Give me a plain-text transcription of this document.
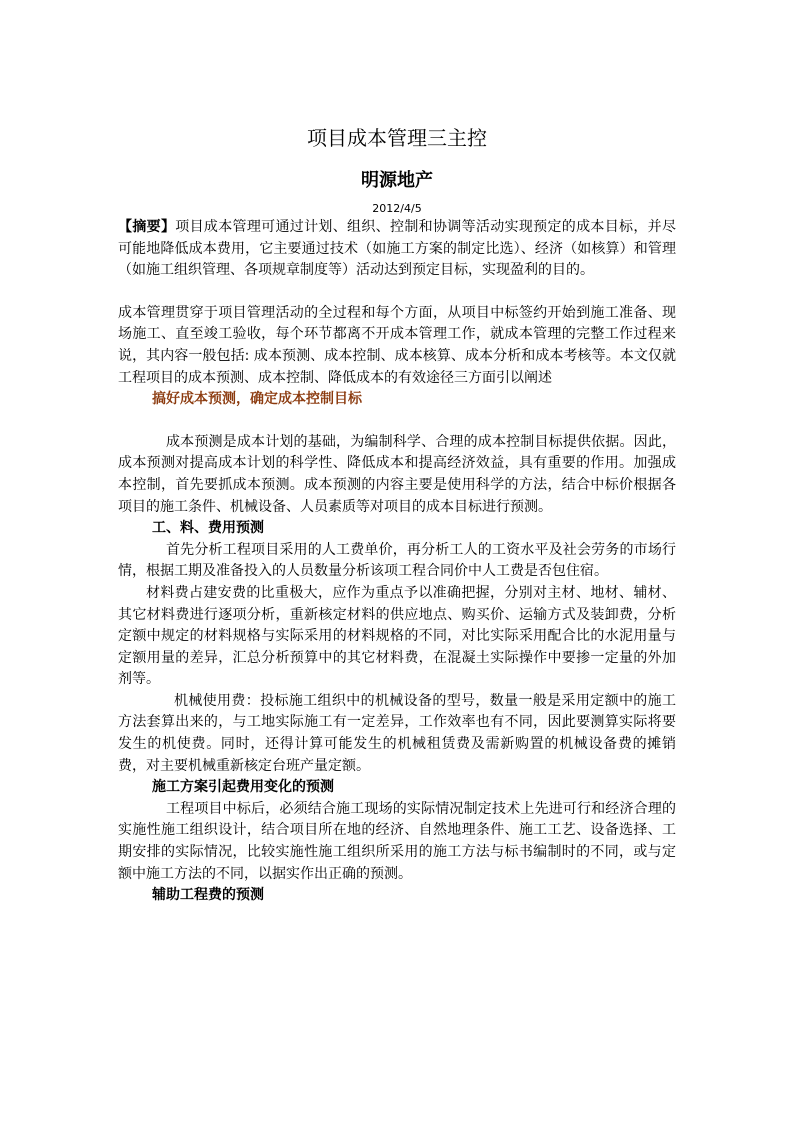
项目成本管理三主控
明源地产
2012/4/5

【摘要】项目成本管理可通过计划、组织、控制和协调等活动实现预定的成本目标，并尽可能地降低成本费用，它主要通过技术（如施工方案的制定比选）、经济（如核算）和管理（如施工组织管理、各项规章制度等）活动达到预定目标，实现盈利的目的。

成本管理贯穿于项目管理活动的全过程和每个方面，从项目中标签约开始到施工准备、现场施工、直至竣工验收，每个环节都离不开成本管理工作，就成本管理的完整工作过程来说，其内容一般包括: 成本预测、成本控制、成本核算、成本分析和成本考核等。本文仅就工程项目的成本预测、成本控制、降低成本的有效途径三方面引以阐述

搞好成本预测，确定成本控制目标

成本预测是成本计划的基础，为编制科学、合理的成本控制目标提供依据。因此，成本预测对提高成本计划的科学性、降低成本和提高经济效益，具有重要的作用。加强成本控制，首先要抓成本预测。成本预测的内容主要是使用科学的方法，结合中标价根据各项目的施工条件、机械设备、人员素质等对项目的成本目标进行预测。

工、料、费用预测

首先分析工程项目采用的人工费单价，再分析工人的工资水平及社会劳务的市场行情，根据工期及准备投入的人员数量分析该项工程合同价中人工费是否包住宿。

材料费占建安费的比重极大，应作为重点予以准确把握，分别对主材、地材、辅材、其它材料费进行逐项分析，重新核定材料的供应地点、购买价、运输方式及装卸费，分析定额中规定的材料规格与实际采用的材料规格的不同，对比实际采用配合比的水泥用量与定额用量的差异，汇总分析预算中的其它材料费，在混凝土实际操作中要掺一定量的外加剂等。

机械使用费：投标施工组织中的机械设备的型号，数量一般是采用定额中的施工方法套算出来的，与工地实际施工有一定差异，工作效率也有不同，因此要测算实际将要发生的机使费。同时，还得计算可能发生的机械租赁费及需新购置的机械设备费的摊销费，对主要机械重新核定台班产量定额。

施工方案引起费用变化的预测

工程项目中标后，必须结合施工现场的实际情况制定技术上先进可行和经济合理的实施性施工组织设计，结合项目所在地的经济、自然地理条件、施工工艺、设备选择、工期安排的实际情况，比较实施性施工组织所采用的施工方法与标书编制时的不同，或与定额中施工方法的不同，以据实作出正确的预测。

辅助工程费的预测
